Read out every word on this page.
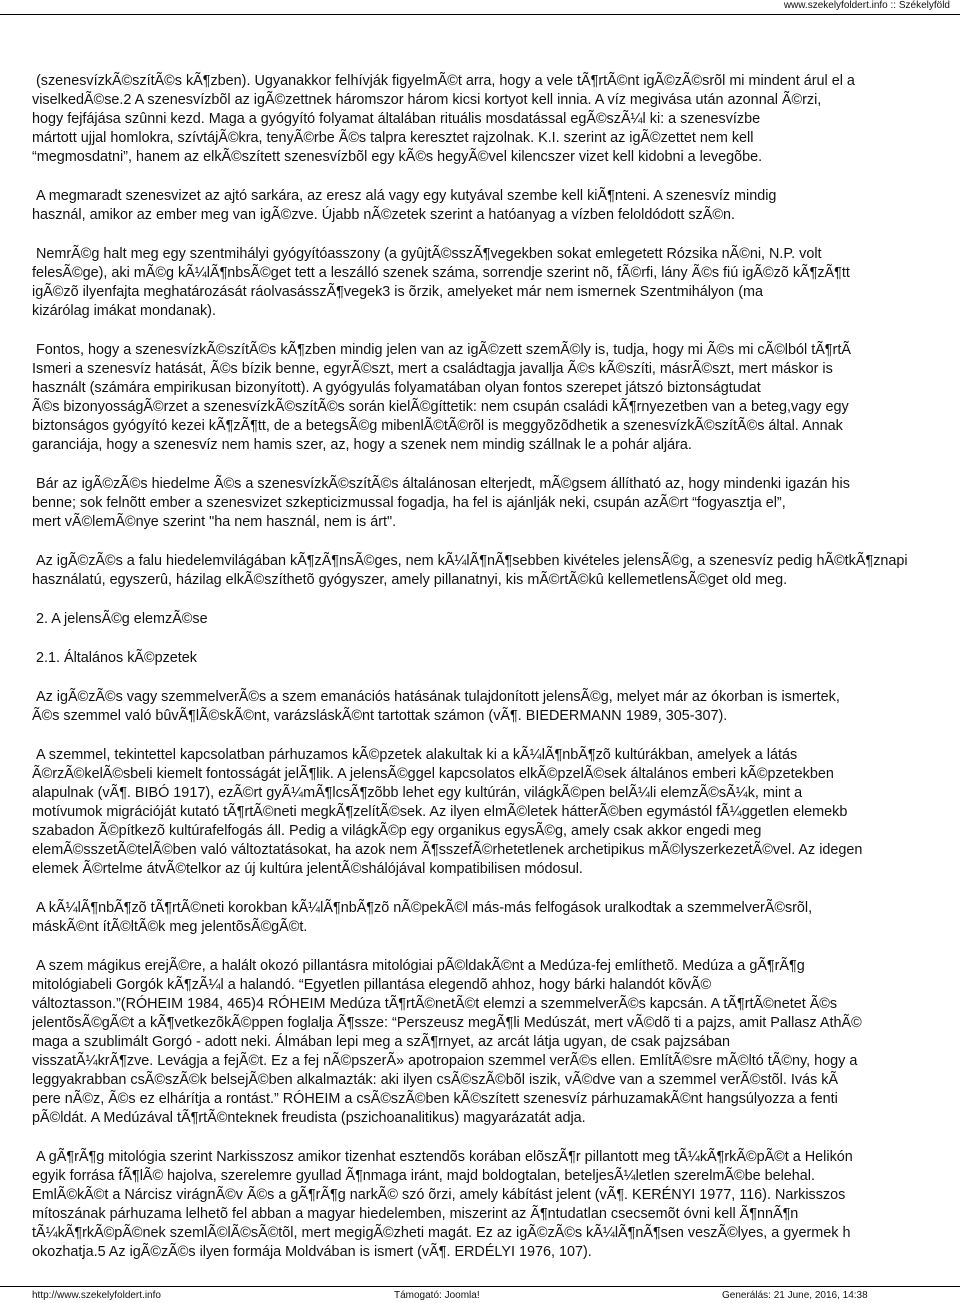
www.szekelyfoldert.info :: Székelyföld

(szenesvízkÃ©szítÃ©s kÃ¶zben). Ugyanakkor felhívják figyelmÃ©t arra, hogy a vele tÃ¶rtÃ©nt igÃ©zÃ©srõl mi mindent árul el a
viselkedÃ©se.2 A szenesvízbõl az igÃ©zettnek háromszor három kicsi kortyot kell innia. A víz megivása után azonnal Ã©rzi,
hogy fejfájása szûnni kezd. Maga a gyógyító folyamat általában rituális mosdatással egÃ©szÃ¼l ki: a szenesvízbe
mártott ujjal homlokra, szívtájÃ©kra, tenyÃ©rbe Ã©s talpra keresztet rajzolnak. K.I. szerint az igÃ©zettet nem kell
“megmosdatni”, hanem az elkÃ©szített szenesvízbõl egy kÃ©s hegyÃ©vel kilencszer vizet kell kidobni a levegõbe.

A megmaradt szenesvizet az ajtó sarkára, az eresz alá vagy egy kutyával szembe kell kiÃ¶nteni. A szenesvíz mindig
használ, amikor az ember meg van igÃ©zve. Újabb nÃ©zetek szerint a hatóanyag a vízben feloldódott szÃ©n.

NemrÃ©g halt meg egy szentmihályi gyógyítóasszony (a gyûjtÃ©sszÃ¶vegekben sokat emlegetett Rózsika nÃ©ni, N.P. volt
felesÃ©ge), aki mÃ©g kÃ¼lÃ¶nbsÃ©get tett a leszálló szenek száma, sorrendje szerint nõ, fÃ©rfi, lány Ã©s fiú igÃ©zõ kÃ¶zÃ¶tt
igÃ©zõ ilyenfajta meghatározását ráolvasásszÃ¶vegek3 is õrzik, amelyeket már nem ismernek Szentmihályon (ma
kizárólag imákat mondanak).

Fontos, hogy a szenesvízkÃ©szítÃ©s kÃ¶zben mindig jelen van az igÃ©zett szemÃ©ly is, tudja, hogy mi Ã©s mi cÃ©lból tÃ¶rtÃ
Ismeri a szenesvíz hatását, Ã©s bízik benne, egyrÃ©szt, mert a családtagja javallja Ã©s kÃ©szíti, másrÃ©szt, mert máskor is
használt (számára empirikusan bizonyított). A gyógyulás folyamatában olyan fontos szerepet játszó biztonságtudat
Ã©s bizonyosságÃ©rzet a szenesvízkÃ©szítÃ©s során kielÃ©gíttetik: nem csupán családi kÃ¶rnyezetben van a beteg,vagy egy
biztonságos gyógyító kezei kÃ¶zÃ¶tt, de a betegsÃ©g mibenlÃ©tÃ©rõl is meggyõzõdhetik a szenesvízkÃ©szítÃ©s által. Annak
garanciája, hogy a szenesvíz nem hamis szer, az, hogy a szenek nem mindig szállnak le a pohár aljára.

Bár az igÃ©zÃ©s hiedelme Ã©s a szenesvízkÃ©szítÃ©s általánosan elterjedt, mÃ©gsem állítható az, hogy mindenki igazán his
benne; sok felnõtt ember a szenesvizet szkepticizmussal fogadja, ha fel is ajánlják neki, csupán azÃ©rt “fogyasztja el”,
mert vÃ©lemÃ©nye szerint "ha nem használ, nem is árt".

Az igÃ©zÃ©s a falu hiedelemvilágában kÃ¶zÃ¶nsÃ©ges, nem kÃ¼lÃ¶nÃ¶sebben kivételes jelensÃ©g, a szenesvíz pedig hÃ©tkÃ¶znapi
használatú, egyszerû, házilag elkÃ©szíthetõ gyógyszer, amely pillanatnyi, kis mÃ©rtÃ©kû kellemetlensÃ©get old meg.

2. A jelensÃ©g elemzÃ©se

2.1. Általános kÃ©pzetek

Az igÃ©zÃ©s vagy szemmelverÃ©s a szem emanációs hatásának tulajdonított jelensÃ©g, melyet már az ókorban is ismertek,
Ã©s szemmel való bûvÃ¶lÃ©skÃ©nt, varázsláskÃ©nt tartottak számon (vÃ¶. BIEDERMANN 1989, 305-307).

A szemmel, tekintettel kapcsolatban párhuzamos kÃ©pzetek alakultak ki a kÃ¼lÃ¶nbÃ¶zõ kultúrákban, amelyek a látás
Ã©rzÃ©kelÃ©sbeli kiemelt fontosságát jelÃ¶lik. A jelensÃ©ggel kapcsolatos elkÃ©pzelÃ©sek általános emberi kÃ©pzetekben
alapulnak (vÃ¶. BIBÓ 1917), ezÃ©rt gyÃ¼mÃ¶lcsÃ¶zõbb lehet egy kultúrán, világkÃ©pen belÃ¼li elemzÃ©sÃ¼k, mint a
motívumok migrációját kutató tÃ¶rtÃ©neti megkÃ¶zelítÃ©sek. Az ilyen elmÃ©letek hátterÃ©ben egymástól fÃ¼ggetlen elemekb
szabadon Ã©pítkezõ kultúrafelfogás áll. Pedig a világkÃ©p egy organikus egysÃ©g, amely csak akkor engedi meg
elemÃ©sszetÃ©telÃ©ben való változtatásokat, ha azok nem Ã¶sszefÃ©rhetetlenek archetipikus mÃ©lyszerkezetÃ©vel. Az idegen
elemek Ã©rtelme átvÃ©telkor az új kultúra jelentÃ©shálójával kompatibilisen módosul.

A kÃ¼lÃ¶nbÃ¶zõ tÃ¶rtÃ©neti korokban kÃ¼lÃ¶nbÃ¶zõ nÃ©pekÃ©l más-más felfogások uralkodtak a szemmelverÃ©srõl,
máskÃ©nt ítÃ©ltÃ©k meg jelentõsÃ©gÃ©t.

A szem mágikus erejÃ©re, a halált okozó pillantásra mitológiai pÃ©ldakÃ©nt a Medúza-fej említhetõ. Medúza a gÃ¶rÃ¶g
mitológiabeli Gorgók kÃ¶zÃ¼l a halandó. “Egyetlen pillantása elegendõ ahhoz, hogy bárki halandót kõvÃ©
változtasson.”(RÓHEIM 1984, 465)4 RÓHEIM Medúza tÃ¶rtÃ©netÃ©t elemzi a szemmelverÃ©s kapcsán. A tÃ¶rtÃ©netet Ã©s
jelentõsÃ©gÃ©t a kÃ¶vetkezõkÃ©ppen foglalja Ã¶ssze: “Perszeusz megÃ¶li Medúszát, mert vÃ©dõ ti a pajzs, amit Pallasz AthÃ©
maga a szublimált Gorgó - adott neki. Álmában lepi meg a szÃ¶rnyet, az arcát látja ugyan, de csak pajzsában
visszatÃ¼krÃ¶zve. Levágja a fejÃ©t. Ez a fej nÃ©pszerÃ» apotropaion szemmel verÃ©s ellen. EmlítÃ©sre mÃ©ltó tÃ©ny, hogy a
leggyakrabban csÃ©szÃ©k belsejÃ©ben alkalmazták: aki ilyen csÃ©szÃ©bõl iszik, vÃ©dve van a szemmel verÃ©stõl. Ivás kÃ
pere nÃ©z, Ã©s ez elhárítja a rontást.” RÓHEIM a csÃ©szÃ©ben kÃ©szített szenesvíz párhuzamakÃ©nt hangsúlyozza a fenti
pÃ©ldát. A Medúzával tÃ¶rtÃ©nteknek freudista (pszichoanalitikus) magyarázatát adja.

A gÃ¶rÃ¶g mitológia szerint Narkisszosz amikor tizenhat esztendõs korában elõszÃ¶r pillantott meg tÃ¼kÃ¶rkÃ©pÃ©t a Helikón
egyik forrása fÃ¶lÃ© hajolva, szerelemre gyullad Ã¶nmaga iránt, majd boldogtalan, beteljesÃ¼letlen szerelmÃ©be belehal.
EmlÃ©kÃ©t a Nárcisz virágnÃ©v Ã©s a gÃ¶rÃ¶g narkÃ© szó õrzi, amely kábítást jelent (vÃ¶. KERÉNYI 1977, 116). Narkisszos
mítoszának párhuzama lelhetõ fel abban a magyar hiedelemben, miszerint az Ã¶ntudatlan csecsemõt óvni kell Ã¶nnÃ¶n
tÃ¼kÃ¶rkÃ©pÃ©nek szemlÃ©lÃ©sÃ©tõl, mert megigÃ©zheti magát. Ez az igÃ©zÃ©s kÃ¼lÃ¶nÃ¶sen veszÃ©lyes, a gyermek h
okozhatja.5 Az igÃ©zÃ©s ilyen formája Moldvában is ismert (vÃ¶. ERDÉLYI 1976, 107).

http://www.szekelyfoldert.info	Támogató: Joomla!	Generálás: 21 June, 2016, 14:38
